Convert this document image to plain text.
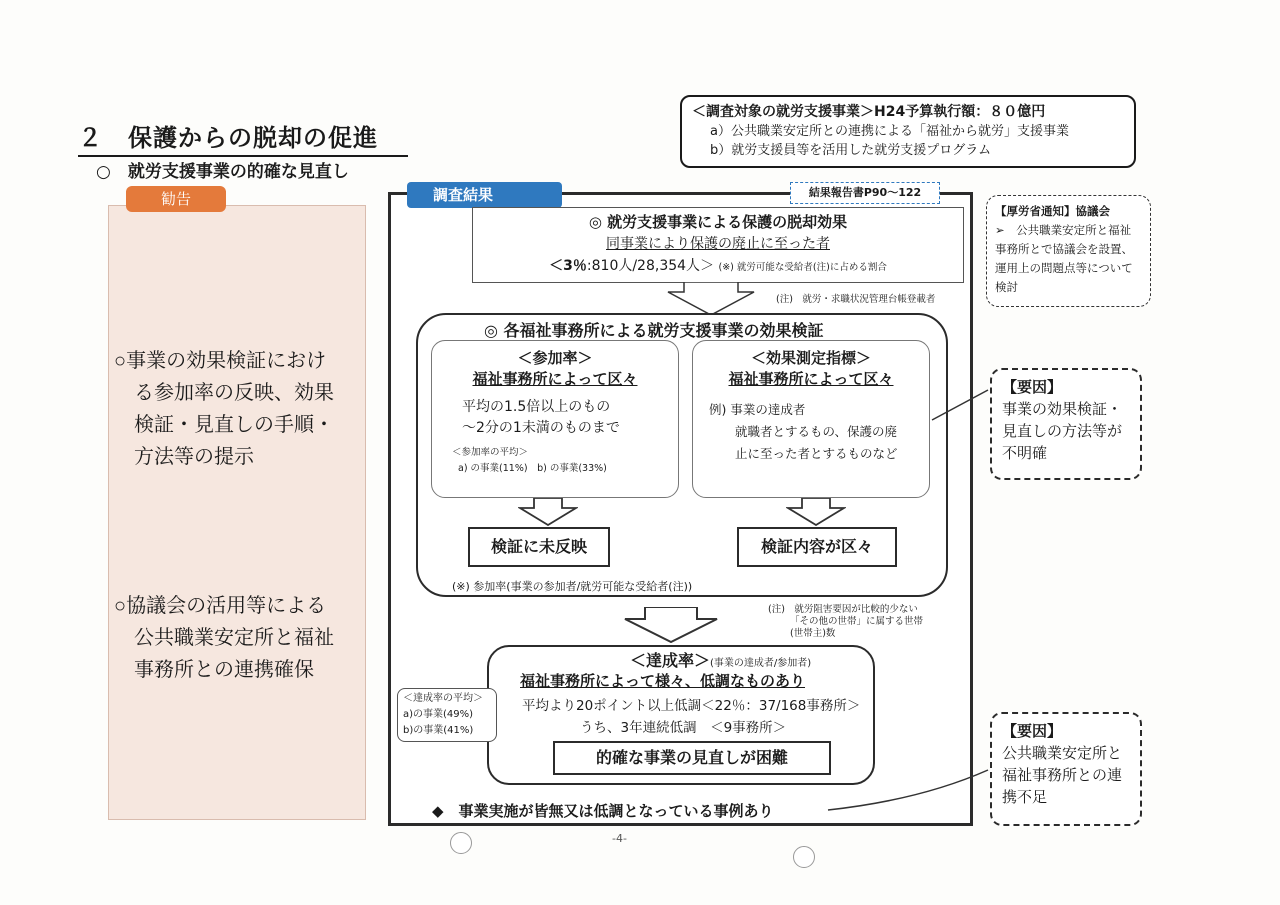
２　保護からの脱却の促進
○　就労支援事業の的確な見直し
勧告
○事業の効果検証におけ
　る参加率の反映、効果
　検証・見直しの手順・
　方法等の提示
○協議会の活用等による
　公共職業安定所と福祉
　事務所との連携確保
＜調査対象の就労支援事業＞H24予算執行額：８０億円
a）公共職業安定所との連携による「福祉から就労」支援事業
b）就労支援員等を活用した就労支援プログラム
調査結果	結果報告書P90～122
◎ 就労支援事業による保護の脱却効果
同事業により保護の廃止に至った者
＜3％:810人/28,354人＞ (※) 就労可能な受給者(注)に占める割合
(注)　就労・求職状況管理台帳登載者
◎ 各福祉事務所による就労支援事業の効果検証
＜参加率＞
福祉事務所によって区々
平均の1.5倍以上のもの
～2分の1未満のものまで
＜参加率の平均＞
a) の事業(11%)　b) の事業(33%)
＜効果測定指標＞
福祉事務所によって区々
例) 事業の達成者
就職者とするもの、保護の廃
止に至った者とするものなど
検証に未反映	検証内容が区々
(※) 参加率(事業の参加者/就労可能な受給者(注))
(注)　就労阻害要因が比較的少ない
「その他の世帯」に属する世帯
(世帯主)数
＜達成率＞(事業の達成者/参加者)
福祉事務所によって様々、低調なものあり
平均より20ポイント以上低調＜22％：37/168事務所＞
うち、3年連続低調　＜9事務所＞
的確な事業の見直しが困難
＜達成率の平均＞
a)の事業(49%)
b)の事業(41%)
◆　事業実施が皆無又は低調となっている事例あり
【厚労省通知】協議会
➢　公共職業安定所と福祉事務所とで協議会を設置、運用上の問題点等について検討
【要因】
事業の効果検証・見直しの方法等が不明確
【要因】
公共職業安定所と福祉事務所との連携不足
-4-
